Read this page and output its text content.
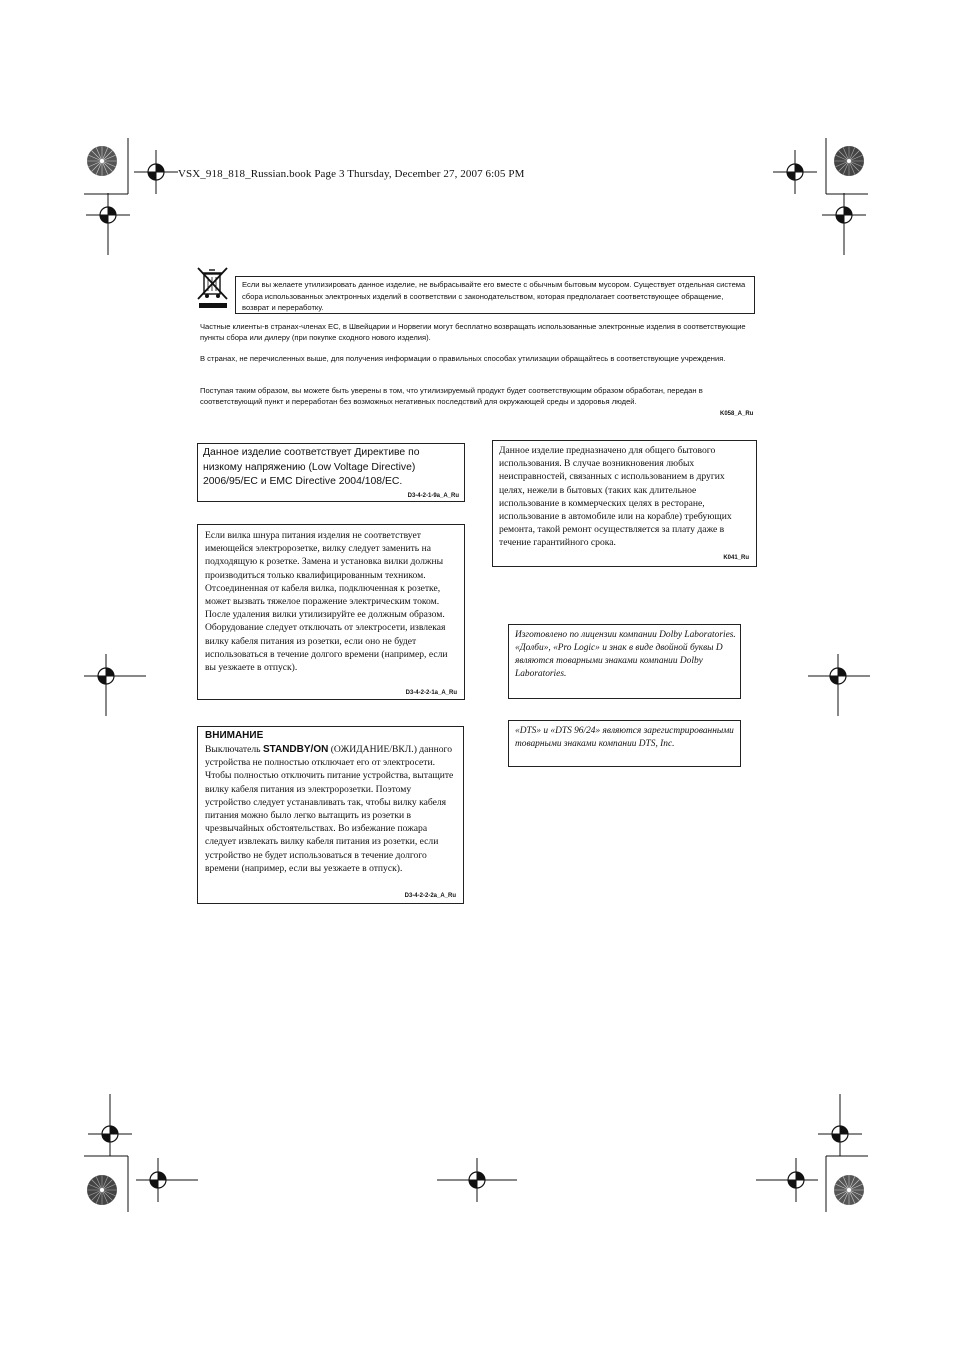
VSX_918_818_Russian.book Page 3 Thursday, December 27, 2007 6:05 PM
Если вы желаете утилизировать данное изделие, не выбрасывайте его вместе с обычным бытовым мусором. Существует отдельная система сбора использованных электронных изделий в соответствии с законодательством, которая предполагает соответствующее обращение, возврат и переработку.
Частные клиенты-в странах-членах ЕС, в Швейцарии и Норвегии могут бесплатно возвращать использованные электронные изделия в соответствующие пункты сбора или дилеру (при покупке сходного нового изделия).
В странах, не перечисленных выше, для получения информации о правильных способах утилизации обращайтесь в соответствующие учреждения.
Поступая таким образом, вы можете быть уверены в том, что утилизируемый продукт будет соответствующим образом обработан, передан в соответствующий пункт и переработан без возможных негативных последствий для окружающей среды и здоровья людей.
K058_A_Ru
Данное изделие соответствует Директиве по низкому напряжению (Low Voltage Directive) 2006/95/EC и EMC Directive 2004/108/EC.
D3-4-2-1-9a_A_Ru
Если вилка шнура питания изделия не соответствует имеющейся электророзетке, вилку следует заменить на подходящую к розетке. Замена и установка вилки должны производиться только квалифицированным техником. Отсоединенная от кабеля вилка, подключенная к розетке, может вызвать тяжелое поражение электрическим током. После удаления вилки утилизируйте ее должным образом. Оборудование следует отключать от электросети, извлекая вилку кабеля питания из розетки, если оно не будет использоваться в течение долгого времени (например, если вы уезжаете в отпуск).
D3-4-2-2-1a_A_Ru
ВНИМАНИЕ
Выключатель STANDBY/ON (ОЖИДАНИЕ/ВКЛ.) данного устройства не полностью отключает его от электросети. Чтобы полностью отключить питание устройства, вытащите вилку кабеля питания из электророзетки. Поэтому устройство следует устанавливать так, чтобы вилку кабеля питания можно было легко вытащить из розетки в чрезвычайных обстоятельствах. Во избежание пожара следует извлекать вилку кабеля питания из розетки, если устройство не будет использоваться в течение долгого времени (например, если вы уезжаете в отпуск).
D3-4-2-2-2a_A_Ru
Данное изделие предназначено для общего бытового использования. В случае возникновения любых неисправностей, связанных с использованием в других целях, нежели в бытовых (таких как длительное использование в коммерческих целях в ресторане, использование в автомобиле или на корабле) требующих ремонта, такой ремонт осуществляется за плату даже в течение гарантийного срока.
K041_Ru
Изготовлено по лицензии компании Dolby Laboratories.
«Долби», «Pro Logic» и знак в виде двойной буквы D являются товарными знаками компании Dolby Laboratories.
«DTS» и «DTS 96/24» являются зарегистрированными товарными знаками компании DTS, Inc.
